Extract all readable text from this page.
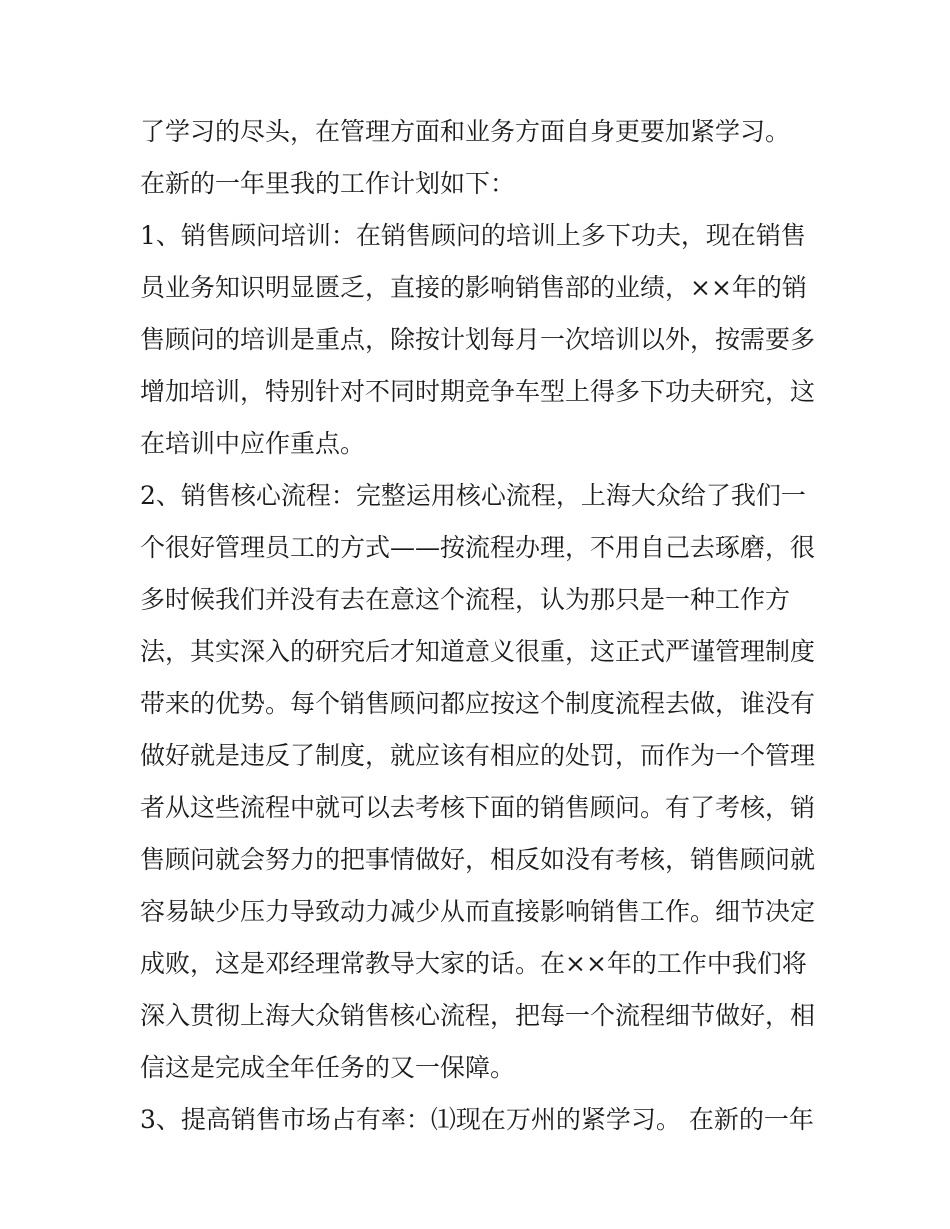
了学习的尽头，在管理方面和业务方面自身更要加紧学习。
在新的一年里我的工作计划如下：
1、销售顾问培训：在销售顾问的培训上多下功夫，现在销售
员业务知识明显匮乏，直接的影响销售部的业绩，××年的销
售顾问的培训是重点，除按计划每月一次培训以外，按需要多
增加培训，特别针对不同时期竞争车型上得多下功夫研究，这
在培训中应作重点。
2、销售核心流程：完整运用核心流程，上海大众给了我们一
个很好管理员工的方式——按流程办理，不用自己去琢磨，很
多时候我们并没有去在意这个流程，认为那只是一种工作方
法，其实深入的研究后才知道意义很重，这正式严谨管理制度
带来的优势。每个销售顾问都应按这个制度流程去做，谁没有
做好就是违反了制度，就应该有相应的处罚，而作为一个管理
者从这些流程中就可以去考核下面的销售顾问。有了考核，销
售顾问就会努力的把事情做好，相反如没有考核，销售顾问就
容易缺少压力导致动力减少从而直接影响销售工作。细节决定
成败，这是邓经理常教导大家的话。在××年的工作中我们将
深入贯彻上海大众销售核心流程，把每一个流程细节做好，相
信这是完成全年任务的又一保障。
3、提高销售市场占有率：⑴现在万州的紧学习。 在新的一年
